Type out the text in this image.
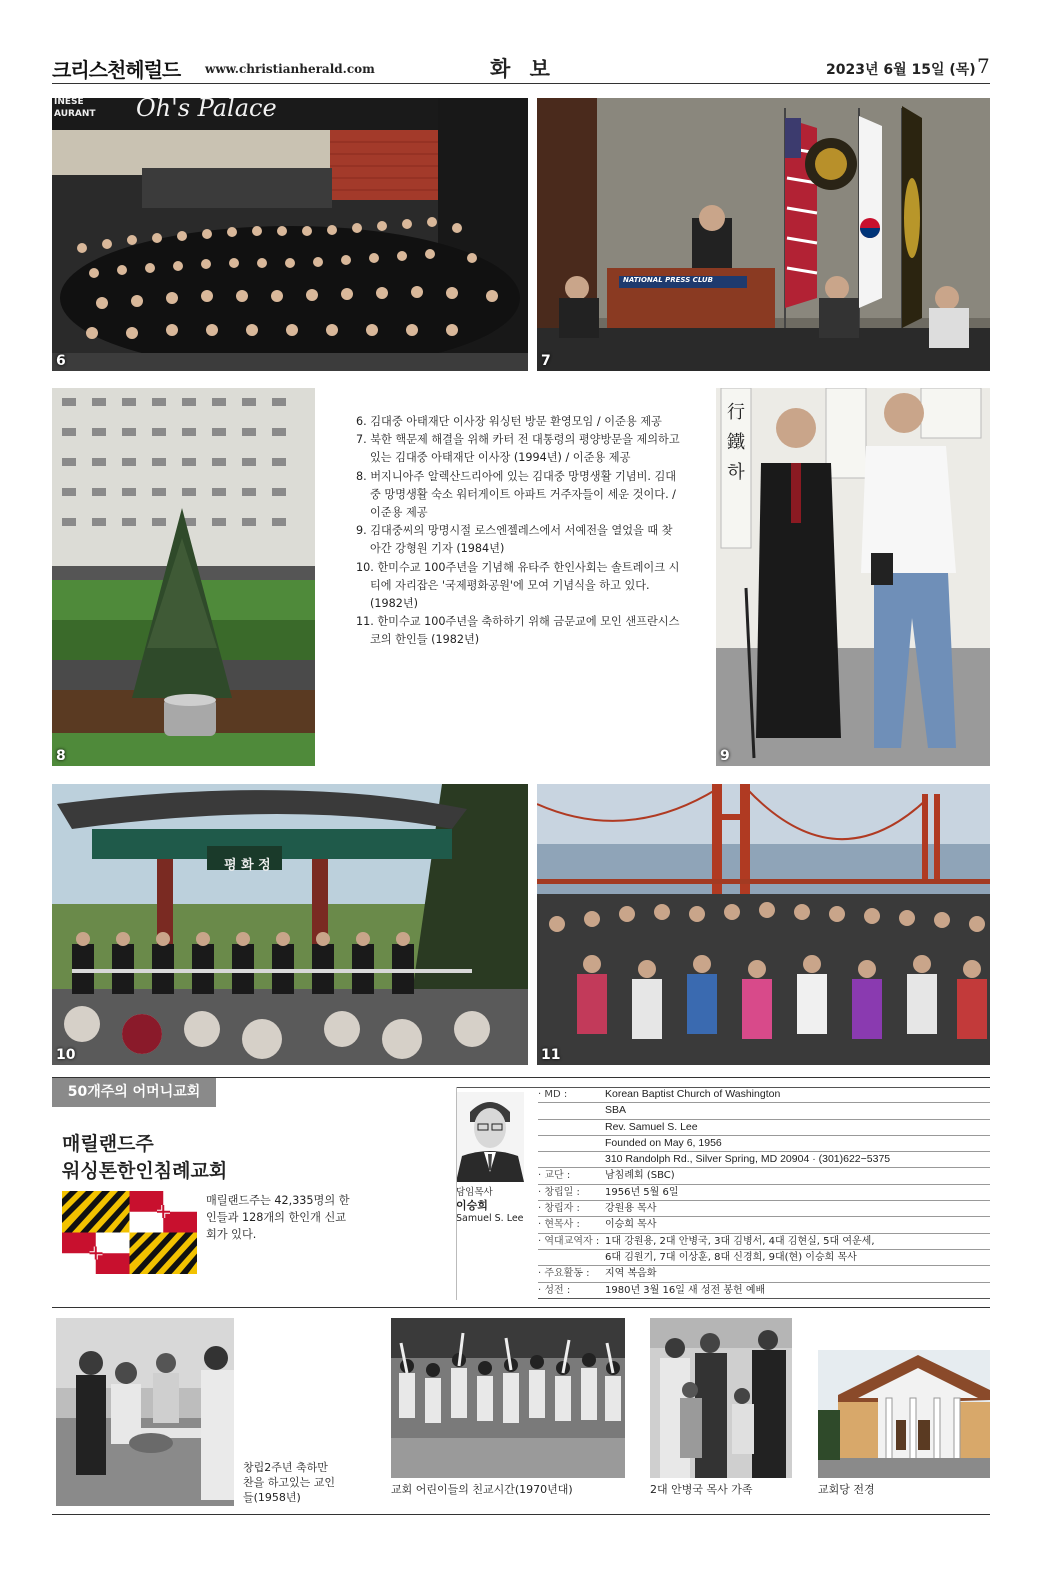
크리스천헤럴드 www.christianherald.com	화 보	2023년 6월 15일 (목) 7
INESE
AURANT Oh's Palace
6
NATIONAL PRESS CLUB
7
8
6. 김대중 아태재단 이사장 워싱턴 방문 환영모임 / 이준용 제공
7. 북한 핵문제 해결을 위해 카터 전 대통령의 평양방문을 제의하고 있는 김대중 아태재단 이사장 (1994년) / 이준용 제공
8. 버지니아주 알렉산드리아에 있는 김대중 망명생활 기념비. 김대중 망명생활 숙소 워터게이트 아파트 거주자들이 세운 것이다. / 이준용 제공
9. 김대중씨의 망명시절 로스엔젤레스에서 서예전을 열었을 때 찾아간 강형원 기자 (1984년)
10. 한미수교 100주년을 기념해 유타주 한인사회는 솔트레이크 시티에 자리잡은 '국제평화공원'에 모여 기념식을 하고 있다. (1982년)
11. 한미수교 100주년을 축하하기 위해 금문교에 모인 샌프란시스코의 한인들 (1982년)
行
鐵
하
9
평 화 정
10	11
50개주의 어머니교회
매릴랜드주
워싱톤한인침례교회
매릴랜드주는 42,335명의 한인들과 128개의 한인개 신교회가 있다.
담임목사
이승희
Samuel S. Lee
· MD :	Korean Baptist Church of Washington
SBA
Rev. Samuel S. Lee
Founded on May 6, 1956
310 Randolph Rd., Silver Spring, MD 20904 · (301)622−5375
· 교단 :	남침례회 (SBC)
· 창립일 :	1956년 5월 6일
· 창립자 :	강원용 목사
· 현목사 :	이승희 목사
· 역대교역자 : 1대 강원용, 2대 안병국, 3대 김병서, 4대 김현실, 5대 여운세,
6대 김원기, 7대 이상훈, 8대 신경희, 9대(현) 이승희 목사
· 주요활동 :	지역 복음화
· 성전 :	1980년 3월 16일 새 성전 봉헌 예배
창립2주년 축하만 찬을 하고있는 교인 들(1958년)
교회 어린이들의 친교시간(1970년대)	2대 안병국 목사 가족	교회당 전경
